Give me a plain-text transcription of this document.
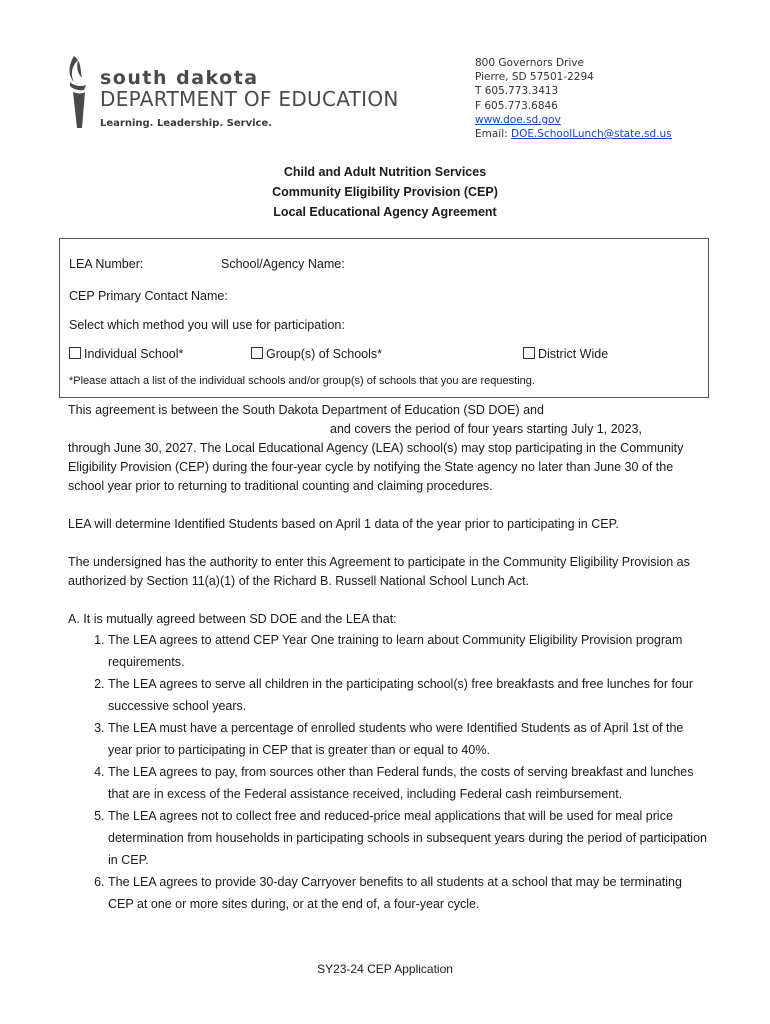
south dakota
DEPARTMENT OF EDUCATION
Learning. Leadership. Service.
800 Governors Drive
Pierre, SD 57501-2294
T 605.773.3413
F 605.773.6846
www.doe.sd.gov
Email: DOE.SchoolLunch@state.sd.us
Child and Adult Nutrition Services
Community Eligibility Provision (CEP)
Local Educational Agency Agreement
LEA Number:	School/Agency Name:
CEP Primary Contact Name:
Select which method you will use for participation:
Individual School*	Group(s) of Schools*	District Wide
*Please attach a list of the individual schools and/or group(s) of schools that you are requesting.

This agreement is between the South Dakota Department of Education (SD DOE) and

and covers the period of four years starting July 1, 2023,

through June 30, 2027. The Local Educational Agency (LEA) school(s) may stop participating in the Community Eligibility Provision (CEP) during the four-year cycle by notifying the State agency no later than June 30 of the school year prior to returning to traditional counting and claiming procedures.

LEA will determine Identified Students based on April 1 data of the year prior to participating in CEP.

The undersigned has the authority to enter this Agreement to participate in the Community Eligibility Provision as authorized by Section 11(a)(1) of the Richard B. Russell National School Lunch Act.

A. It is mutually agreed between SD DOE and the LEA that:

1. The LEA agrees to attend CEP Year One training to learn about Community Eligibility Provision program requirements.
2. The LEA agrees to serve all children in the participating school(s) free breakfasts and free lunches for four successive school years.
3. The LEA must have a percentage of enrolled students who were Identified Students as of April 1st of the year prior to participating in CEP that is greater than or equal to 40%.
4. The LEA agrees to pay, from sources other than Federal funds, the costs of serving breakfast and lunches that are in excess of the Federal assistance received, including Federal cash reimbursement.
5. The LEA agrees not to collect free and reduced-price meal applications that will be used for meal price determination from households in participating schools in subsequent years during the period of participation in CEP.
6. The LEA agrees to provide 30-day Carryover benefits to all students at a school that may be terminating CEP at one or more sites during, or at the end of, a four-year cycle.
SY23-24 CEP Application
